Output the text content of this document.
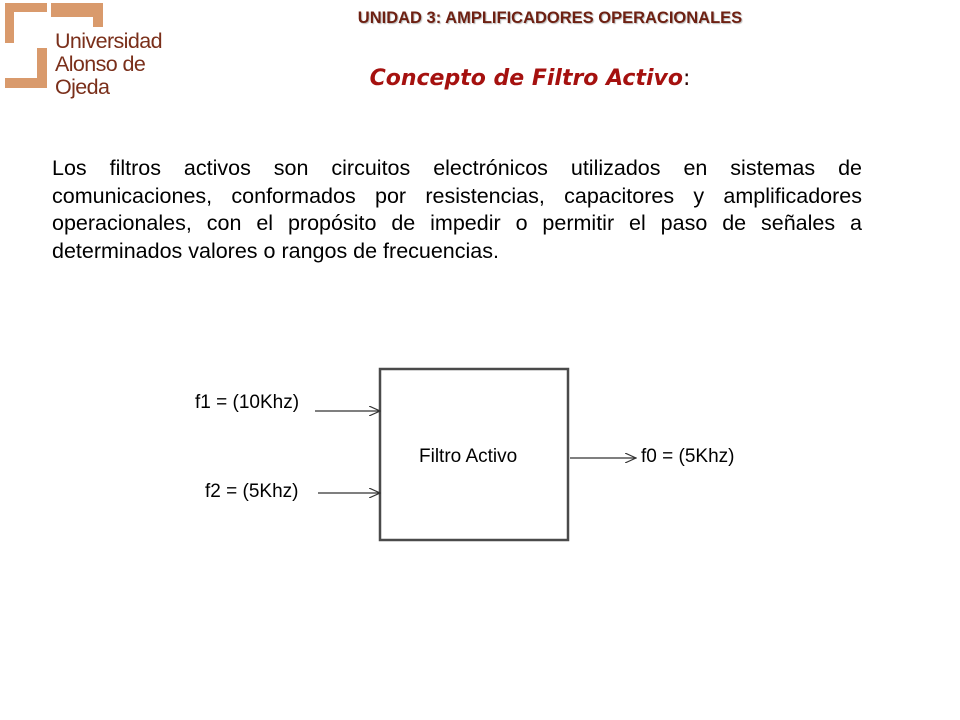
Universidad
Alonso de Ojeda
UNIDAD 3: AMPLIFICADORES OPERACIONALES
Concepto de Filtro Activo:

Los filtros activos son circuitos electrónicos utilizados en sistemas de comunicaciones, conformados por resistencias, capacitores y amplificadores operacionales, con el propósito de impedir o permitir el paso de señales a determinados valores o rangos de frecuencias.

f1 = (10Khz)
f2 = (5Khz)
Filtro Activo	f0 = (5Khz)
